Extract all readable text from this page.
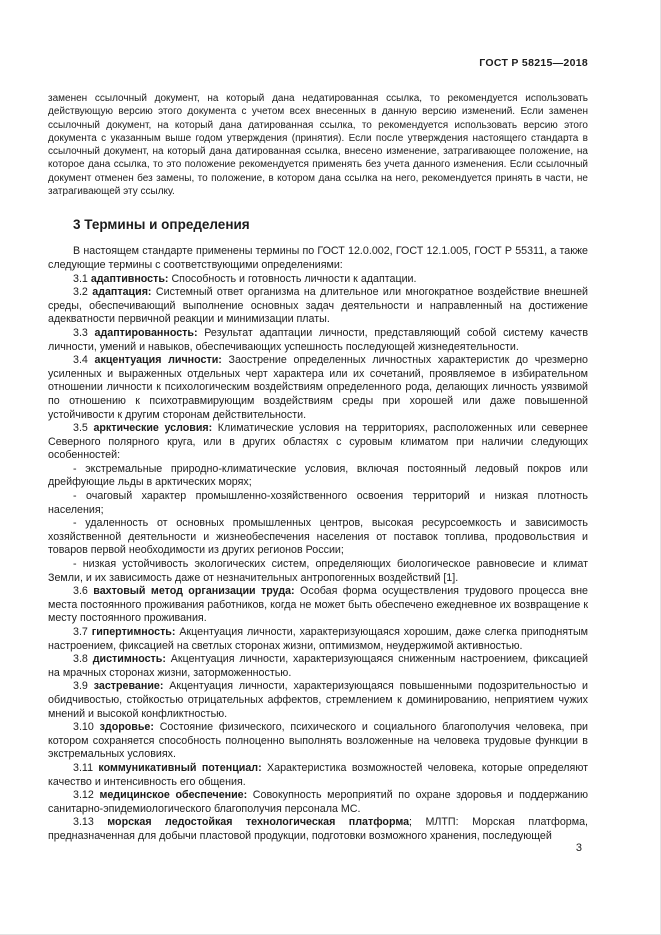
ГОСТ Р 58215—2018

заменен ссылочный документ, на который дана недатированная ссылка, то рекомендуется использовать действующую версию этого документа с учетом всех внесенных в данную версию изменений. Если заменен ссылочный документ, на который дана датированная ссылка, то рекомендуется использовать версию этого документа с указанным выше годом утверждения (принятия). Если после утверждения настоящего стандарта в ссылочный документ, на который дана датированная ссылка, внесено изменение, затрагивающее положение, на которое дана ссылка, то это положение рекомендуется применять без учета данного изменения. Если ссылочный документ отменен без замены, то положение, в котором дана ссылка на него, рекомендуется принять в части, не затрагивающей эту ссылку.

3 Термины и определения

В настоящем стандарте применены термины по ГОСТ 12.0.002, ГОСТ 12.1.005, ГОСТ Р 55311, а также следующие термины с соответствующими определениями:

3.1 адаптивность: Способность и готовность личности к адаптации.

3.2 адаптация: Системный ответ организма на длительное или многократное воздействие внешней среды, обеспечивающий выполнение основных задач деятельности и направленный на достижение адекватности первичной реакции и минимизации платы.

3.3 адаптированность: Результат адаптации личности, представляющий собой систему качеств личности, умений и навыков, обеспечивающих успешность последующей жизнедеятельности.

3.4 акцентуация личности: Заострение определенных личностных характеристик до чрезмерно усиленных и выраженных отдельных черт характера или их сочетаний, проявляемое в избирательном отношении личности к психологическим воздействиям определенного рода, делающих личность уязвимой по отношению к психотравмирующим воздействиям среды при хорошей или даже повышенной устойчивости к другим сторонам действительности.

3.5 арктические условия: Климатические условия на территориях, расположенных или севернее Северного полярного круга, или в других областях с суровым климатом при наличии следующих особенностей:

- экстремальные природно-климатические условия, включая постоянный ледовый покров или дрейфующие льды в арктических морях;

- очаговый характер промышленно-хозяйственного освоения территорий и низкая плотность населения;

- удаленность от основных промышленных центров, высокая ресурсоемкость и зависимость хозяйственной деятельности и жизнеобеспечения населения от поставок топлива, продовольствия и товаров первой необходимости из других регионов России;

- низкая устойчивость экологических систем, определяющих биологическое равновесие и климат Земли, и их зависимость даже от незначительных антропогенных воздействий [1].

3.6 вахтовый метод организации труда: Особая форма осуществления трудового процесса вне места постоянного проживания работников, когда не может быть обеспечено ежедневное их возвращение к месту постоянного проживания.

3.7 гипертимность: Акцентуация личности, характеризующаяся хорошим, даже слегка приподнятым настроением, фиксацией на светлых сторонах жизни, оптимизмом, неудержимой активностью.

3.8 дистимность: Акцентуация личности, характеризующаяся сниженным настроением, фиксацией на мрачных сторонах жизни, заторможенностью.

3.9 застревание: Акцентуация личности, характеризующаяся повышенными подозрительностью и обидчивостью, стойкостью отрицательных аффектов, стремлением к доминированию, неприятием чужих мнений и высокой конфликтностью.

3.10 здоровье: Состояние физического, психического и социального благополучия человека, при котором сохраняется способность полноценно выполнять возложенные на человека трудовые функции в экстремальных условиях.

3.11 коммуникативный потенциал: Характеристика возможностей человека, которые определяют качество и интенсивность его общения.

3.12 медицинское обеспечение: Совокупность мероприятий по охране здоровья и поддержанию санитарно-эпидемиологического благополучия персонала МС.

3.13 морская ледостойкая технологическая платформа; МЛТП: Морская платформа, предназначенная для добычи пластовой продукции, подготовки возможного хранения, последующей

3
